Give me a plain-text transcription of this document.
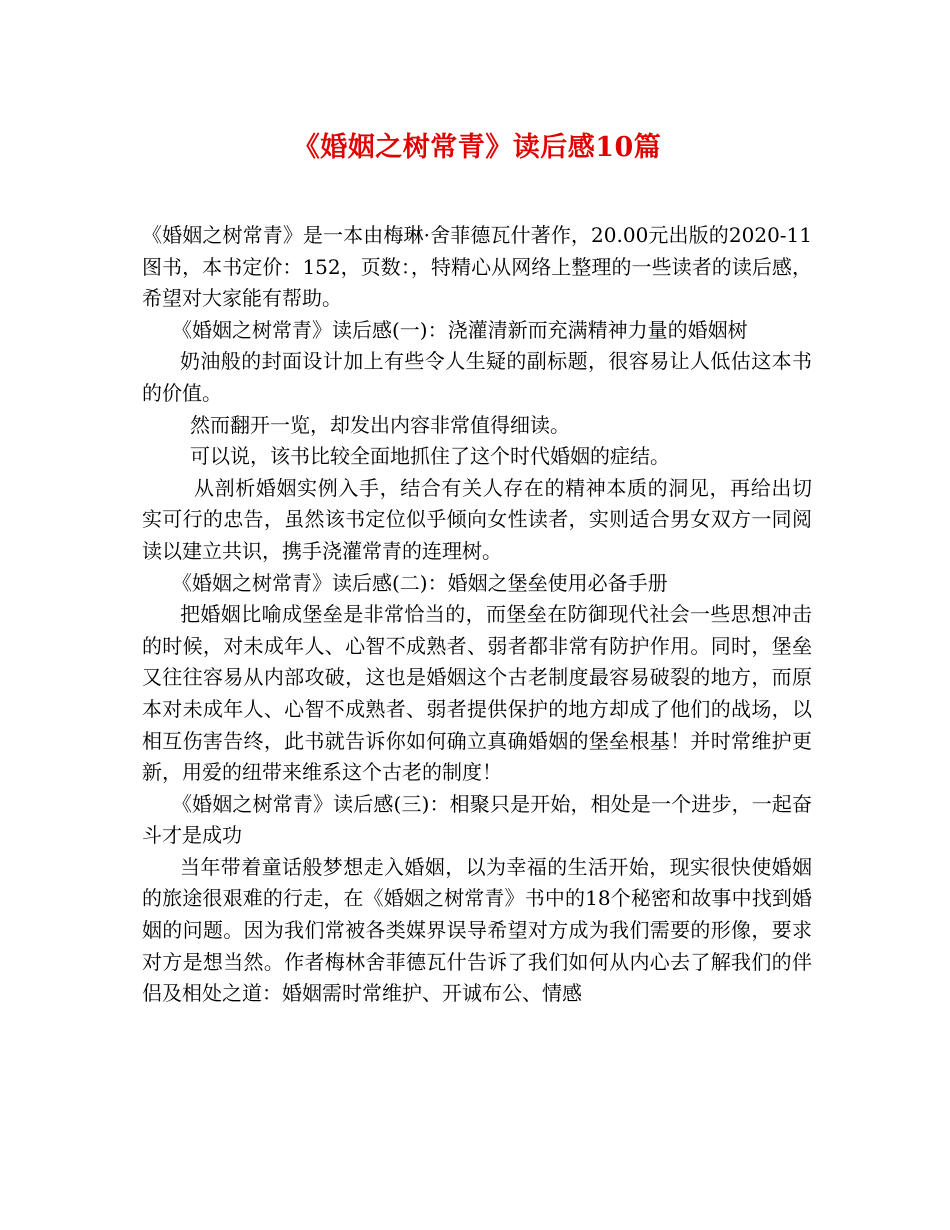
《婚姻之树常青》读后感10篇

《婚姻之树常青》是一本由梅琳·舍菲德瓦什著作，20.00元出版的2020-11图书，本书定价：152，页数：，特精心从网络上整理的一些读者的读后感，希望对大家能有帮助。

《婚姻之树常青》读后感(一)：浇灌清新而充满精神力量的婚姻树

奶油般的封面设计加上有些令人生疑的副标题，很容易让人低估这本书的价值。

然而翻开一览，却发出内容非常值得细读。

可以说，该书比较全面地抓住了这个时代婚姻的症结。

从剖析婚姻实例入手，结合有关人存在的精神本质的洞见，再给出切实可行的忠告，虽然该书定位似乎倾向女性读者，实则适合男女双方一同阅读以建立共识，携手浇灌常青的连理树。

《婚姻之树常青》读后感(二)：婚姻之堡垒使用必备手册

把婚姻比喻成堡垒是非常恰当的，而堡垒在防御现代社会一些思想冲击的时候，对未成年人、心智不成熟者、弱者都非常有防护作用。同时，堡垒又往往容易从内部攻破，这也是婚姻这个古老制度最容易破裂的地方，而原本对未成年人、心智不成熟者、弱者提供保护的地方却成了他们的战场，以相互伤害告终，此书就告诉你如何确立真确婚姻的堡垒根基！并时常维护更新，用爱的纽带来维系这个古老的制度！

《婚姻之树常青》读后感(三)：相聚只是开始，相处是一个进步，一起奋斗才是成功

当年带着童话般梦想走入婚姻，以为幸福的生活开始，现实很快使婚姻的旅途很艰难的行走，在《婚姻之树常青》书中的18个秘密和故事中找到婚姻的问题。因为我们常被各类媒界误导希望对方成为我们需要的形像，要求对方是想当然。作者梅林舍菲德瓦什告诉了我们如何从内心去了解我们的伴侣及相处之道：婚姻需时常维护、开诚布公、情感
